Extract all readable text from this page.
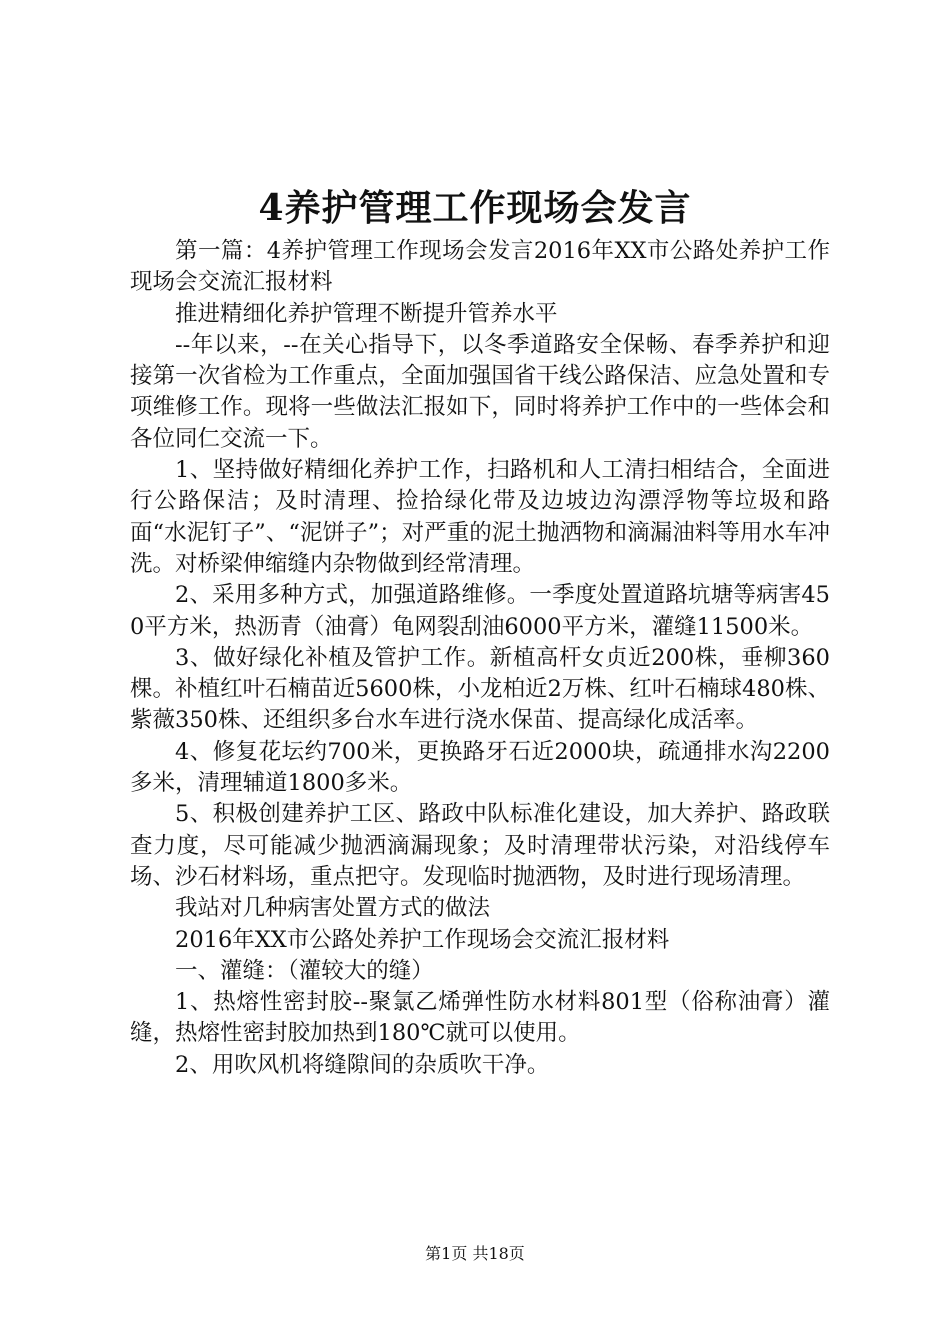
4养护管理工作现场会发言

第一篇：4养护管理工作现场会发言2016年XX市公路处养护工作现场会交流汇报材料

推进精细化养护管理不断提升管养水平

--年以来，--在关心指导下，以冬季道路安全保畅、春季养护和迎接第一次省检为工作重点，全面加强国省干线公路保洁、应急处置和专项维修工作。现将一些做法汇报如下，同时将养护工作中的一些体会和各位同仁交流一下。

1、坚持做好精细化养护工作，扫路机和人工清扫相结合，全面进行公路保洁；及时清理、捡拾绿化带及边坡边沟漂浮物等垃圾和路面“水泥钉子”、“泥饼子”；对严重的泥土抛洒物和滴漏油料等用水车冲洗。对桥梁伸缩缝内杂物做到经常清理。

2、采用多种方式，加强道路维修。一季度处置道路坑塘等病害450平方米，热沥青（油膏）龟网裂刮油6000平方米，灌缝11500米。

3、做好绿化补植及管护工作。新植高杆女贞近200株，垂柳360棵。补植红叶石楠苗近5600株，小龙柏近2万株、红叶石楠球480株、紫薇350株、还组织多台水车进行浇水保苗、提高绿化成活率。

4、修复花坛约700米，更换路牙石近2000块，疏通排水沟2200多米，清理辅道1800多米。

5、积极创建养护工区、路政中队标准化建设，加大养护、路政联查力度，尽可能减少抛洒滴漏现象；及时清理带状污染，对沿线停车场、沙石材料场，重点把守。发现临时抛洒物，及时进行现场清理。

我站对几种病害处置方式的做法

2016年XX市公路处养护工作现场会交流汇报材料

一、灌缝：（灌较大的缝）

1、热熔性密封胶--聚氯乙烯弹性防水材料801型（俗称油膏）灌缝，热熔性密封胶加热到180℃就可以使用。

2、用吹风机将缝隙间的杂质吹干净。

第1页 共18页
